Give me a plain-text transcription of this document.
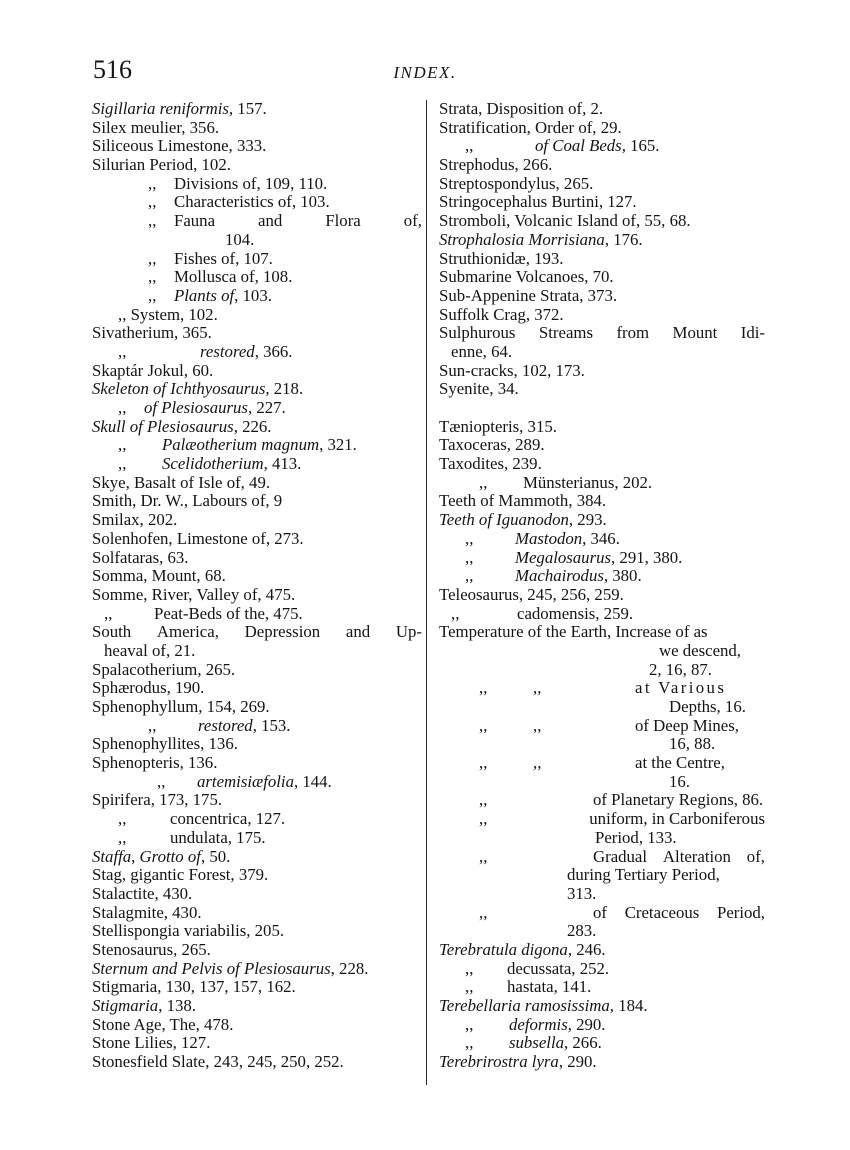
516	INDEX.
Sigillaria reniformis, 157.
Silex meulier, 356.
Siliceous Limestone, 333.
Silurian Period, 102.
,, Divisions of, 109, 110.
,, Characteristics of, 103.
,, Fauna	and	Flora	of,
104.
,, Fishes of, 107.
,, Mollusca of, 108.
,, Plants of, 103.
,, System, 102.
Sivatherium, 365.
,,	restored, 366.
Skaptár Jokul, 60.
Skeleton of Ichthyosaurus, 218.
,, of Plesiosaurus, 227.
Skull of Plesiosaurus, 226.
,, Palæotherium magnum, 321.
,, Scelidotherium, 413.
Skye, Basalt of Isle of, 49.
Smith, Dr. W., Labours of, 9
Smilax, 202.
Solenhofen, Limestone of, 273.
Solfataras, 63.
Somma, Mount, 68.
Somme, River, Valley of, 475.
,, Peat-Beds of the, 475.
South America, Depression and Up-
heaval of, 21.
Spalacotherium, 265.
Sphærodus, 190.
Sphenophyllum, 154, 269.
,, restored, 153.
Sphenophyllites, 136.
Sphenopteris, 136.
,, artemisiæfolia, 144.
Spirifera, 173, 175.
,,	concentrica, 127.
,,	undulata, 175.
Staffa, Grotto of, 50.
Stag, gigantic Forest, 379.
Stalactite, 430.
Stalagmite, 430.
Stellispongia variabilis, 205.
Stenosaurus, 265.
Sternum and Pelvis of Plesiosaurus, 228.
Stigmaria, 130, 137, 157, 162.
Stigmaria, 138.
Stone Age, The, 478.
Stone Lilies, 127.
Stonesfield Slate, 243, 245, 250, 252.
Strata, Disposition of, 2.
Stratification, Order of, 29.
,,	of Coal Beds, 165.
Strephodus, 266.
Streptospondylus, 265.
Stringocephalus Burtini, 127.
Stromboli, Volcanic Island of, 55, 68.
Strophalosia Morrisiana, 176.
Struthionidæ, 193.
Submarine Volcanoes, 70.
Sub-Appenine Strata, 373.
Suffolk Crag, 372.
Sulphurous Streams from Mount Idi-
enne, 64.
Sun-cracks, 102, 173.
Syenite, 34.
Tæniopteris, 315.
Taxoceras, 289.
Taxodites, 239.
,, Münsterianus, 202.
Teeth of Mammoth, 384.
Teeth of Iguanodon, 293.
,, Mastodon, 346.
,, Megalosaurus, 291, 380.
,, Machairodus, 380.
Teleosaurus, 245, 256, 259.
,,	cadomensis, 259.
Temperature of the Earth, Increase of as
we descend,
2, 16, 87.
,,	,,	at Various
Depths, 16.
,,	,,	of Deep Mines,
16, 88.
,,	,,	at the Centre,
16.
,,	of Planetary Regions, 86.
,,	uniform, in Carboniferous
Period, 133.
,,	Gradual Alteration of,
during Tertiary Period,
313.
,,	of Cretaceous Period,
283.
Terebratula digona, 246.
,, decussata, 252.
,, hastata, 141.
Terebellaria ramosissima, 184.
,, deformis, 290.
,, subsella, 266.
Terebrirostra lyra, 290.
